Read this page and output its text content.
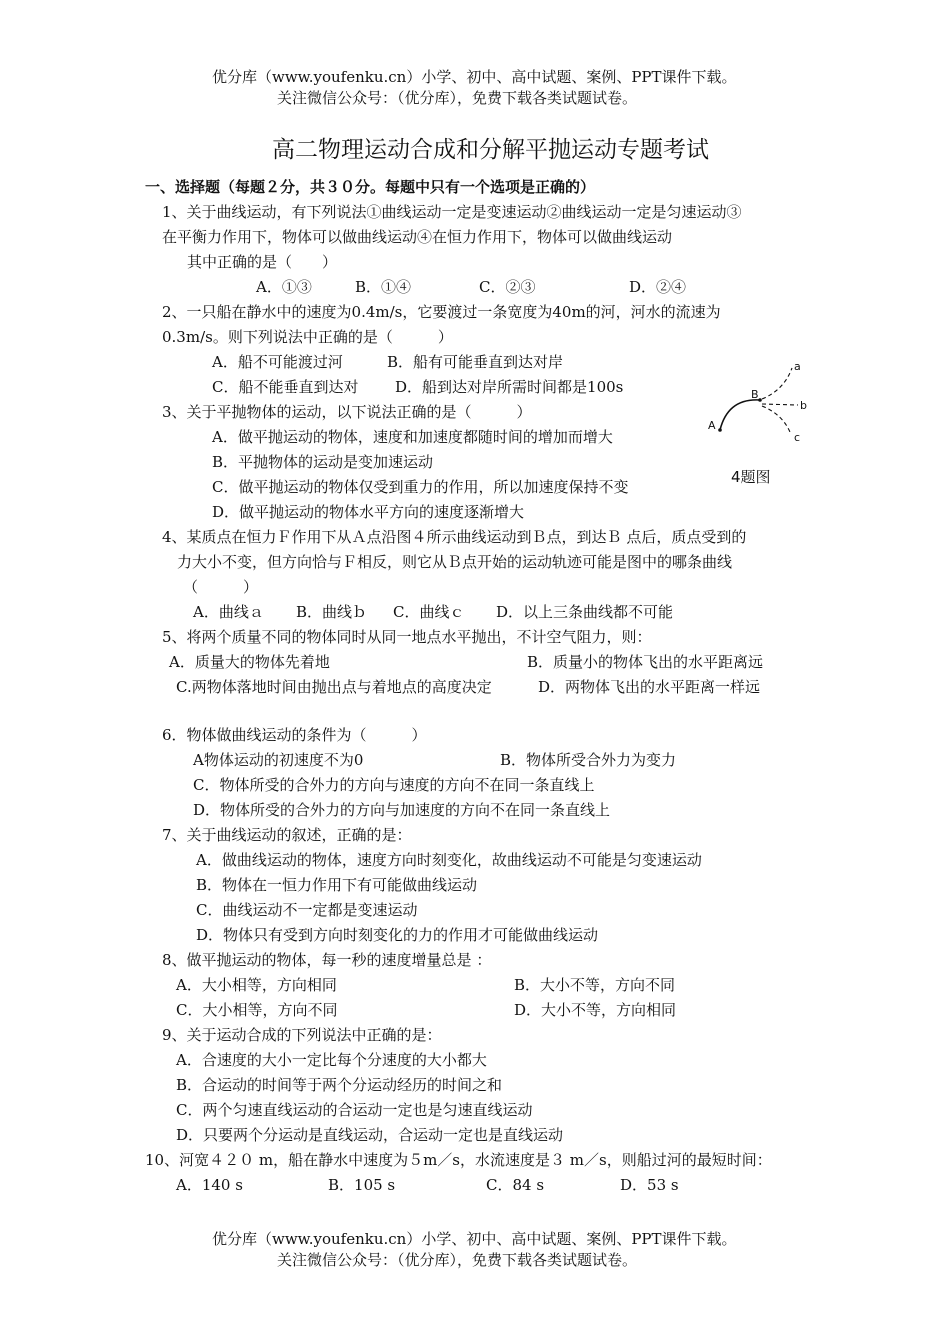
优分库（www.youfenku.cn）小学、初中、高中试题、案例、PPT课件下载。
关注微信公众号：（优分库），免费下载各类试题试卷。
高二物理运动合成和分解平抛运动专题考试
一、选择题（每题２分，共３０分。每题中只有一个选项是正确的）
1、关于曲线运动，有下列说法①曲线运动一定是变速运动②曲线运动一定是匀速运动③
在平衡力作用下，物体可以做曲线运动④在恒力作用下，物体可以做曲线运动
其中正确的是（　　）
A．①③	B．①④	C．②③	D．②④
2、一只船在静水中的速度为0.4m/s，它要渡过一条宽度为40m的河，河水的流速为
0.3m/s。则下列说法中正确的是（　　　）
A．船不可能渡过河	B．船有可能垂直到达对岸
C．船不能垂直到达对 D．船到达对岸所需时间都是100s
a
b
c
A
B
4题图
3、关于平抛物体的运动，以下说法正确的是（　　　）
A．做平抛运动的物体，速度和加速度都随时间的增加而增大
B．平抛物体的运动是变加速运动
C．做平抛运动的物体仅受到重力的作用，所以加速度保持不变
D．做平抛运动的物体水平方向的速度逐渐增大
4、某质点在恒力Ｆ作用下从Ａ点沿图４所示曲线运动到Ｂ点，到达Ｂ 点后，质点受到的
力大小不变，但方向恰与Ｆ相反，则它从Ｂ点开始的运动轨迹可能是图中的哪条曲线
（　　　）
A．曲线ａ B．曲线ｂ C．曲线ｃ D．以上三条曲线都不可能
5、将两个质量不同的物体同时从同一地点水平抛出，不计空气阻力，则：
A．质量大的物体先着地	B．质量小的物体飞出的水平距离远
C.两物体落地时间由抛出点与着地点的高度决定	D．两物体飞出的水平距离一样远
6．物体做曲线运动的条件为（　　　）
A物体运动的初速度不为0	B．物体所受合外力为变力
C．物体所受的合外力的方向与速度的方向不在同一条直线上
D．物体所受的合外力的方向与加速度的方向不在同一条直线上
7、关于曲线运动的叙述，正确的是：
A．做曲线运动的物体，速度方向时刻变化，故曲线运动不可能是匀变速运动
B．物体在一恒力作用下有可能做曲线运动
C．曲线运动不一定都是变速运动
D．物体只有受到方向时刻变化的力的作用才可能做曲线运动
8、做平抛运动的物体，每一秒的速度增量总是 ：
A．大小相等，方向相同	B．大小不等，方向不同
C．大小相等，方向不同	D．大小不等，方向相同
9、关于运动合成的下列说法中正确的是：
A．合速度的大小一定比每个分速度的大小都大
B．合运动的时间等于两个分运动经历的时间之和
C．两个匀速直线运动的合运动一定也是匀速直线运动
D．只要两个分运动是直线运动，合运动一定也是直线运动
10、河宽４２０ m，船在静水中速度为５m／s，水流速度是３ m／s，则船过河的最短时间：
A．140 s	B．105 s	C．84 s	D．53 s
优分库（www.youfenku.cn）小学、初中、高中试题、案例、PPT课件下载。
关注微信公众号：（优分库），免费下载各类试题试卷。
